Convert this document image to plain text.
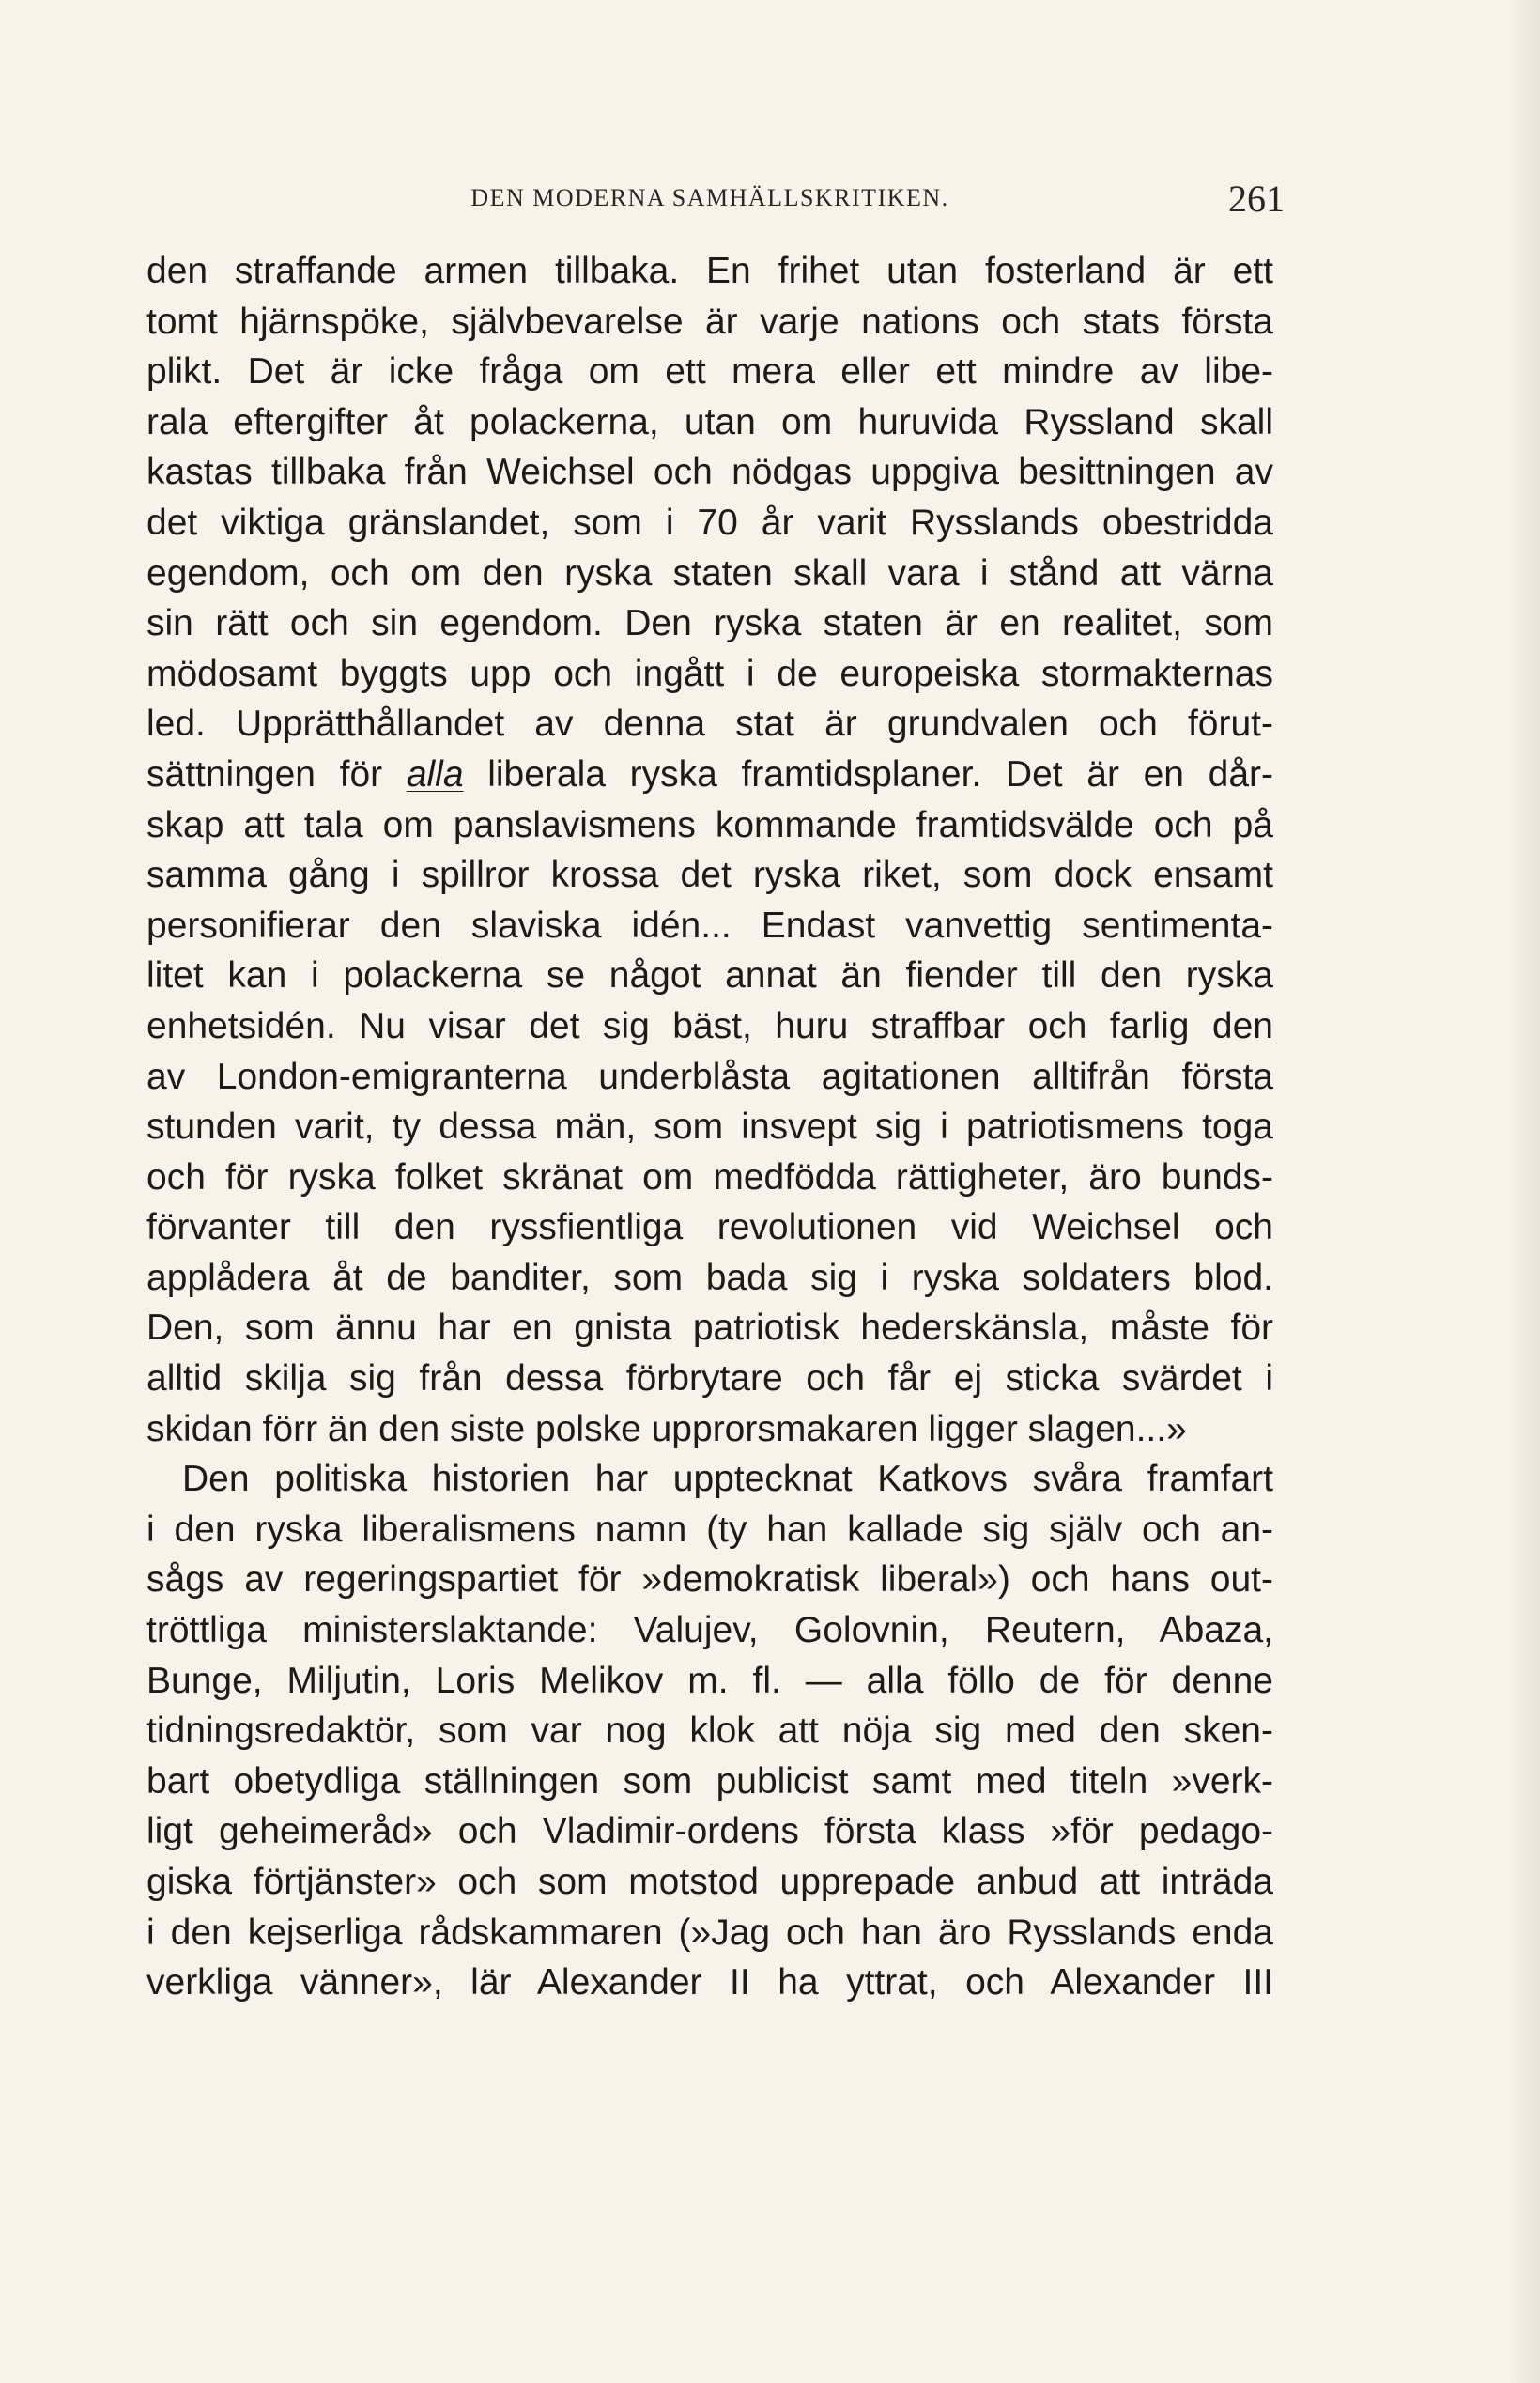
DEN MODERNA SAMHÄLLSKRITIKEN.	261
den straffande armen tillbaka. En frihet utan fosterland är ett
tomt hjärnspöke, självbevarelse är varje nations och stats första
plikt. Det är icke fråga om ett mera eller ett mindre av libe-
rala eftergifter åt polackerna, utan om huruvida Ryssland skall
kastas tillbaka från Weichsel och nödgas uppgiva besittningen av
det viktiga gränslandet, som i 70 år varit Rysslands obestridda
egendom, och om den ryska staten skall vara i stånd att värna
sin rätt och sin egendom. Den ryska staten är en realitet, som
mödosamt byggts upp och ingått i de europeiska stormakternas
led. Upprätthållandet av denna stat är grundvalen och förut-
sättningen för alla liberala ryska framtidsplaner. Det är en dår-
skap att tala om panslavismens kommande framtidsvälde och på
samma gång i spillror krossa det ryska riket, som dock ensamt
personifierar den slaviska idén... Endast vanvettig sentimenta-
litet kan i polackerna se något annat än fiender till den ryska
enhetsidén. Nu visar det sig bäst, huru straffbar och farlig den
av London-emigranterna underblåsta agitationen alltifrån första
stunden varit, ty dessa män, som insvept sig i patriotismens toga
och för ryska folket skränat om medfödda rättigheter, äro bunds-
förvanter till den ryssfientliga revolutionen vid Weichsel och
applådera åt de banditer, som bada sig i ryska soldaters blod.
Den, som ännu har en gnista patriotisk hederskänsla, måste för
alltid skilja sig från dessa förbrytare och får ej sticka svärdet i
skidan förr än den siste polske upprorsmakaren ligger slagen...»
Den politiska historien har upptecknat Katkovs svåra framfart
i den ryska liberalismens namn (ty han kallade sig själv och an-
sågs av regeringspartiet för »demokratisk liberal») och hans out-
tröttliga ministerslaktande: Valujev, Golovnin, Reutern, Abaza,
Bunge, Miljutin, Loris Melikov m. fl. — alla föllo de för denne
tidningsredaktör, som var nog klok att nöja sig med den sken-
bart obetydliga ställningen som publicist samt med titeln »verk-
ligt geheimeråd» och Vladimir-ordens första klass »för pedago-
giska förtjänster» och som motstod upprepade anbud att inträda
i den kejserliga rådskammaren (»Jag och han äro Rysslands enda
verkliga vänner», lär Alexander II ha yttrat, och Alexander III
